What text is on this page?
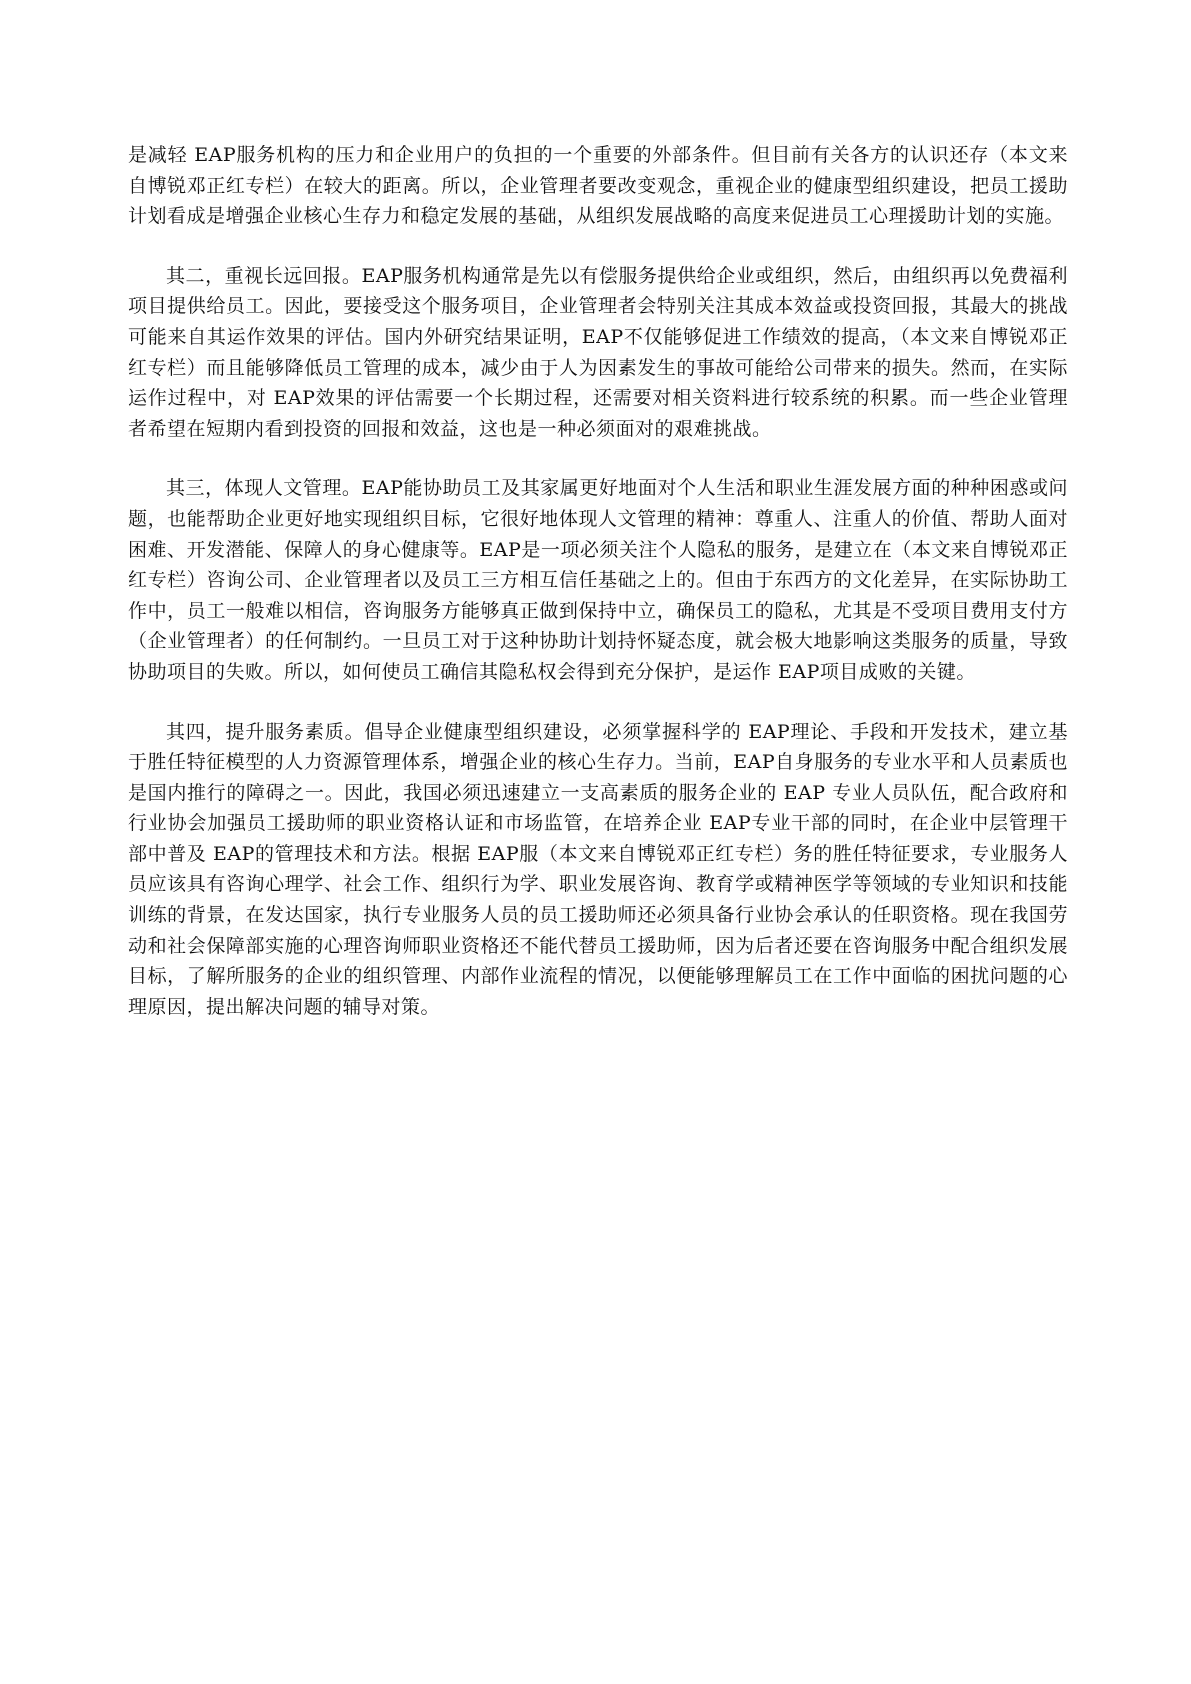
是减轻 EAP服务机构的压力和企业用户的负担的一个重要的外部条件。但目前有关各方的认识还存（本文来自博锐邓正红专栏）在较大的距离。所以，企业管理者要改变观念，重视企业的健康型组织建设，把员工援助计划看成是增强企业核心生存力和稳定发展的基础，从组织发展战略的高度来促进员工心理援助计划的实施。

其二，重视长远回报。EAP服务机构通常是先以有偿服务提供给企业或组织，然后，由组织再以免费福利项目提供给员工。因此，要接受这个服务项目，企业管理者会特别关注其成本效益或投资回报，其最大的挑战可能来自其运作效果的评估。国内外研究结果证明，EAP不仅能够促进工作绩效的提高，（本文来自博锐邓正红专栏）而且能够降低员工管理的成本，减少由于人为因素发生的事故可能给公司带来的损失。然而，在实际运作过程中，对 EAP效果的评估需要一个长期过程，还需要对相关资料进行较系统的积累。而一些企业管理者希望在短期内看到投资的回报和效益，这也是一种必须面对的艰难挑战。

其三，体现人文管理。EAP能协助员工及其家属更好地面对个人生活和职业生涯发展方面的种种困惑或问题，也能帮助企业更好地实现组织目标，它很好地体现人文管理的精神：尊重人、注重人的价值、帮助人面对困难、开发潜能、保障人的身心健康等。EAP是一项必须关注个人隐私的服务，是建立在（本文来自博锐邓正红专栏）咨询公司、企业管理者以及员工三方相互信任基础之上的。但由于东西方的文化差异，在实际协助工作中，员工一般难以相信，咨询服务方能够真正做到保持中立，确保员工的隐私，尤其是不受项目费用支付方（企业管理者）的任何制约。一旦员工对于这种协助计划持怀疑态度，就会极大地影响这类服务的质量，导致协助项目的失败。所以，如何使员工确信其隐私权会得到充分保护，是运作 EAP项目成败的关键。

其四，提升服务素质。倡导企业健康型组织建设，必须掌握科学的 EAP理论、手段和开发技术，建立基于胜任特征模型的人力资源管理体系，增强企业的核心生存力。当前，EAP自身服务的专业水平和人员素质也是国内推行的障碍之一。因此，我国必须迅速建立一支高素质的服务企业的 EAP 专业人员队伍，配合政府和行业协会加强员工援助师的职业资格认证和市场监管，在培养企业 EAP专业干部的同时，在企业中层管理干部中普及 EAP的管理技术和方法。根据 EAP服（本文来自博锐邓正红专栏）务的胜任特征要求，专业服务人员应该具有咨询心理学、社会工作、组织行为学、职业发展咨询、教育学或精神医学等领域的专业知识和技能训练的背景，在发达国家，执行专业服务人员的员工援助师还必须具备行业协会承认的任职资格。现在我国劳动和社会保障部实施的心理咨询师职业资格还不能代替员工援助师，因为后者还要在咨询服务中配合组织发展目标，了解所服务的企业的组织管理、内部作业流程的情况，以便能够理解员工在工作中面临的困扰问题的心理原因，提出解决问题的辅导对策。
